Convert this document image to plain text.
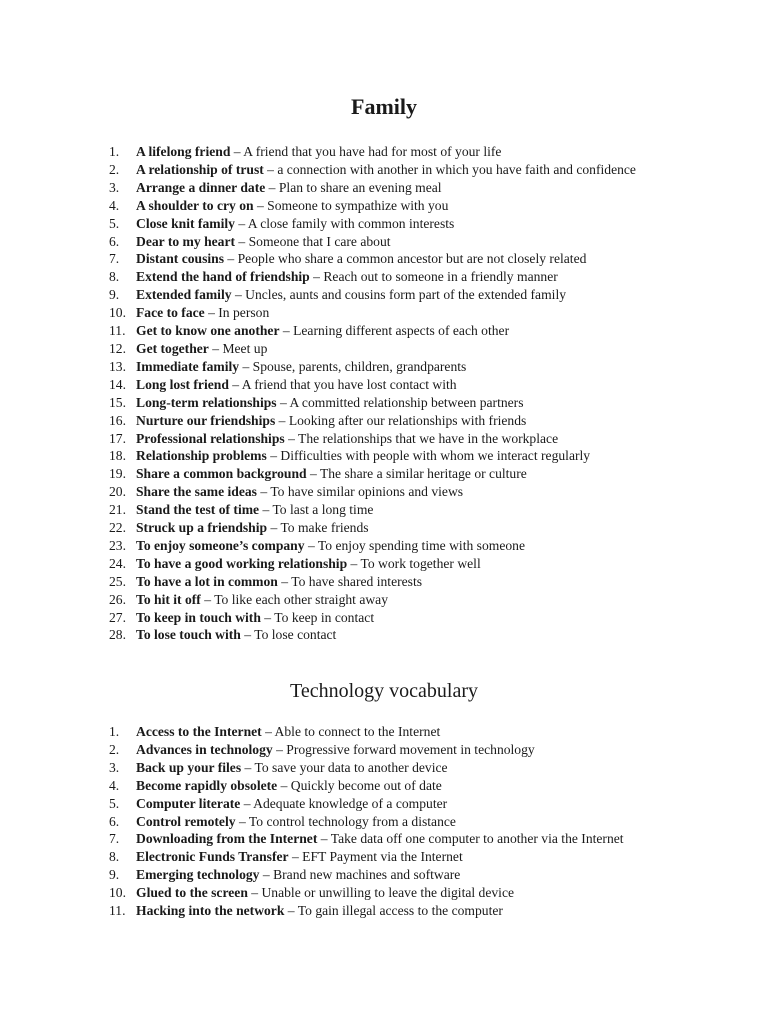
Family
1.	A lifelong friend – A friend that you have had for most of your life
2.	A relationship of trust – a connection with another in which you have faith and confidence
3.	Arrange a dinner date – Plan to share an evening meal
4.	A shoulder to cry on – Someone to sympathize with you
5.	Close knit family – A close family with common interests
6.	Dear to my heart – Someone that I care about
7.	Distant cousins – People who share a common ancestor but are not closely related
8.	Extend the hand of friendship – Reach out to someone in a friendly manner
9.	Extended family – Uncles, aunts and cousins form part of the extended family
10. Face to face – In person
11. Get to know one another – Learning different aspects of each other
12. Get together – Meet up
13. Immediate family – Spouse, parents, children, grandparents
14. Long lost friend – A friend that you have lost contact with
15. Long-term relationships – A committed relationship between partners
16. Nurture our friendships – Looking after our relationships with friends
17. Professional relationships – The relationships that we have in the workplace
18. Relationship problems – Difficulties with people with whom we interact regularly
19. Share a common background – The share a similar heritage or culture
20. Share the same ideas – To have similar opinions and views
21. Stand the test of time – To last a long time
22. Struck up a friendship – To make friends
23. To enjoy someone’s company – To enjoy spending time with someone
24. To have a good working relationship – To work together well
25. To have a lot in common – To have shared interests
26. To hit it off – To like each other straight away
27. To keep in touch with – To keep in contact
28. To lose touch with – To lose contact
Technology vocabulary
1.	Access to the Internet – Able to connect to the Internet
2.	Advances in technology – Progressive forward movement in technology
3.	Back up your files – To save your data to another device
4.	Become rapidly obsolete – Quickly become out of date
5.	Computer literate – Adequate knowledge of a computer
6.	Control remotely – To control technology from a distance
7.	Downloading from the Internet – Take data off one computer to another via the Internet
8.	Electronic Funds Transfer – EFT Payment via the Internet
9.	Emerging technology – Brand new machines and software
10. Glued to the screen – Unable or unwilling to leave the digital device
11. Hacking into the network – To gain illegal access to the computer
